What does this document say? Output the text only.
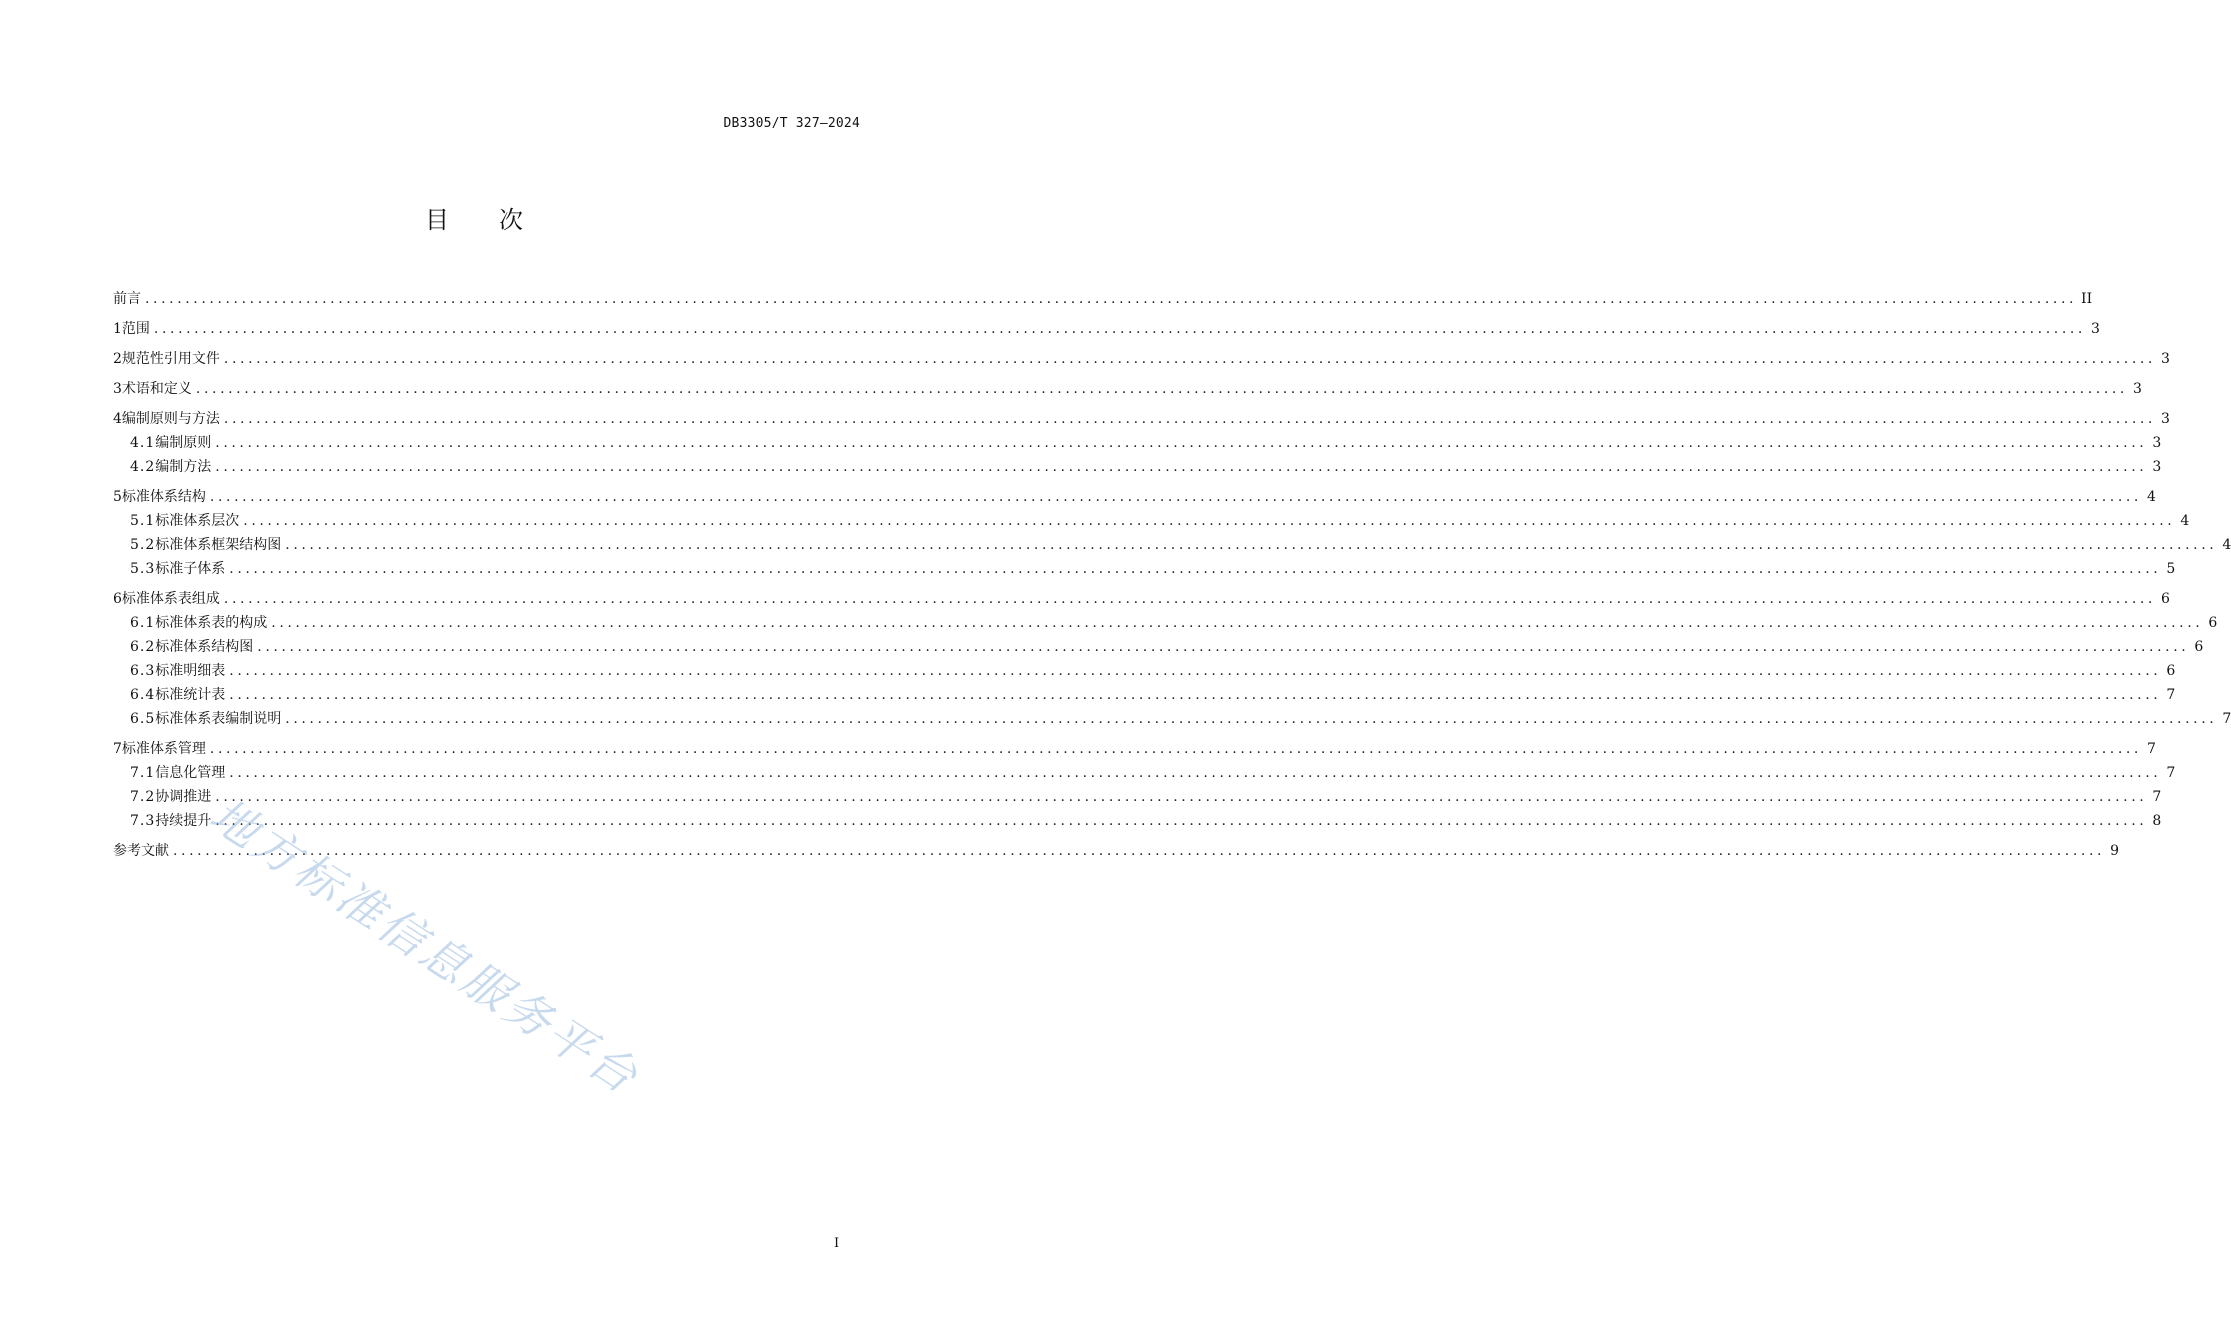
DB3305/T 327—2024
目 次
前言 ................................................................................................................................................................................................................................................ II
1 范围 ................................................................................................................................................................................................................................................ 3
2 规范性引用文件 ................................................................................................................................................................................................................................................ 3
3 术语和定义 ................................................................................................................................................................................................................................................ 3
4 编制原则与方法 ................................................................................................................................................................................................................................................ 3
4.1 编制原则 ................................................................................................................................................................................................................................................ 3
4.2 编制方法 ................................................................................................................................................................................................................................................ 3
5 标准体系结构 ................................................................................................................................................................................................................................................ 4
5.1 标准体系层次 ................................................................................................................................................................................................................................................ 4
5.2 标准体系框架结构图 ................................................................................................................................................................................................................................................ 4
5.3 标准子体系 ................................................................................................................................................................................................................................................ 5
6 标准体系表组成 ................................................................................................................................................................................................................................................ 6
6.1 标准体系表的构成 ................................................................................................................................................................................................................................................ 6
6.2 标准体系结构图 ................................................................................................................................................................................................................................................ 6
6.3 标准明细表 ................................................................................................................................................................................................................................................ 6
6.4 标准统计表 ................................................................................................................................................................................................................................................ 7
6.5 标准体系表编制说明 ................................................................................................................................................................................................................................................ 7
7 标准体系管理 ................................................................................................................................................................................................................................................ 7
7.1 信息化管理 ................................................................................................................................................................................................................................................ 7
7.2 协调推进 ................................................................................................................................................................................................................................................ 7
7.3 持续提升 ................................................................................................................................................................................................................................................ 8
参考文献 ................................................................................................................................................................................................................................................ 9
I
地方标准信息服务平台
